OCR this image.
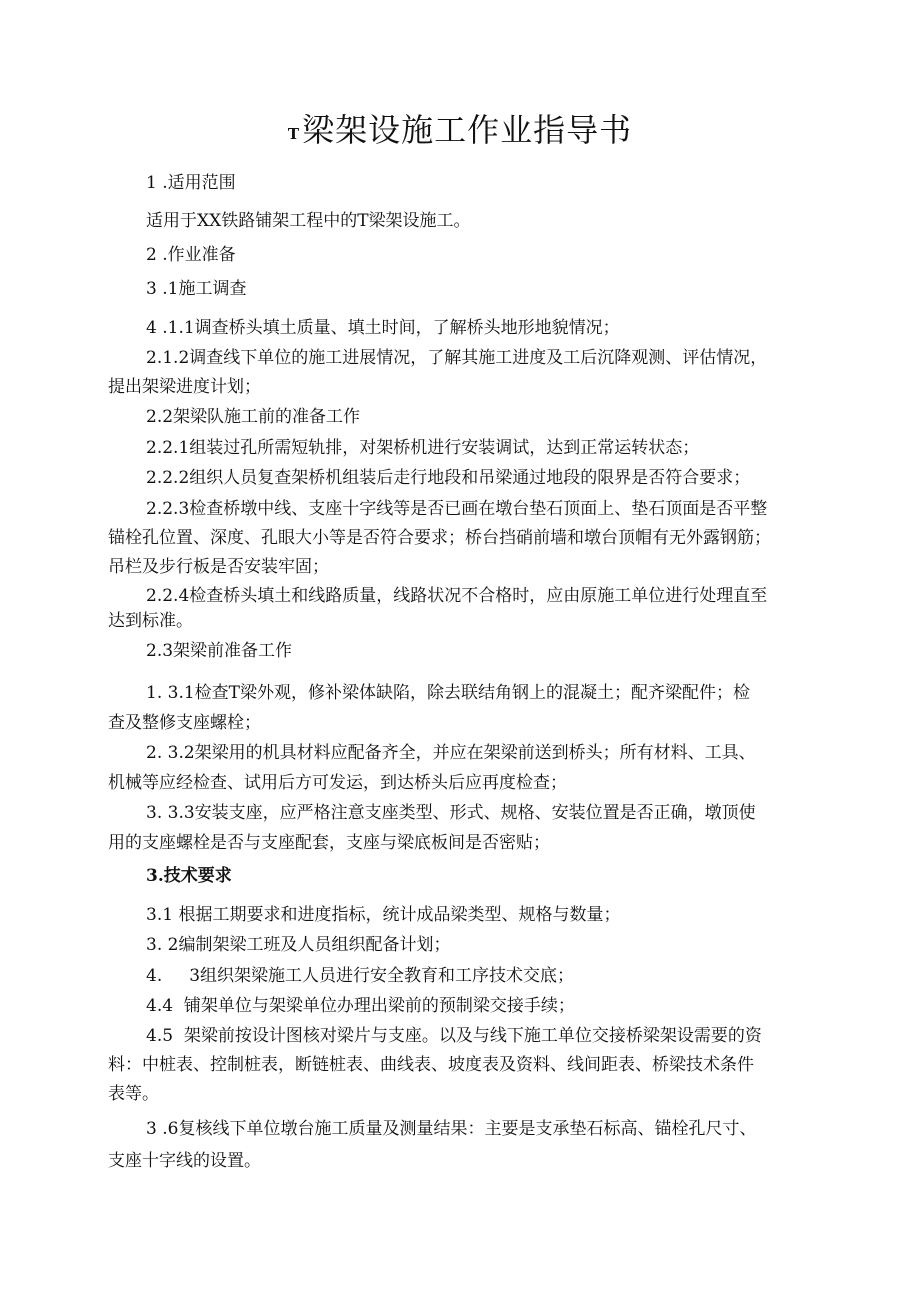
T梁架设施工作业指导书
1 .适用范围
适用于XX铁路铺架工程中的T梁架设施工。
2 .作业准备
3 .1施工调查
4 .1.1调查桥头填土质量、填土时间，了解桥头地形地貌情况；
2.1.2调查线下单位的施工进展情况，了解其施工进度及工后沉降观测、评估情况，
提出架梁进度计划；
2.2架梁队施工前的准备工作
2.2.1组装过孔所需短轨排，对架桥机进行安装调试，达到正常运转状态；
2.2.2组织人员复查架桥机组装后走行地段和吊梁通过地段的限界是否符合要求；
2.2.3检查桥墩中线、支座十字线等是否已画在墩台垫石顶面上、垫石顶面是否平整
锚栓孔位置、深度、孔眼大小等是否符合要求；桥台挡硝前墙和墩台顶帽有无外露钢筋；
吊栏及步行板是否安装牢固；
2.2.4检查桥头填土和线路质量，线路状况不合格时，应由原施工单位进行处理直至
达到标准。
2.3架梁前准备工作
1. 3.1检查T梁外观，修补梁体缺陷，除去联结角钢上的混凝土；配齐梁配件；检
查及整修支座螺栓；
2. 3.2架梁用的机具材料应配备齐全，并应在架梁前送到桥头；所有材料、工具、
机械等应经检查、试用后方可发运，到达桥头后应再度检查；
3. 3.3安装支座，应严格注意支座类型、形式、规格、安装位置是否正确，墩顶使
用的支座螺栓是否与支座配套，支座与梁底板间是否密贴；
3.技术要求
3.1 根据工期要求和进度指标，统计成品梁类型、规格与数量；
3. 2编制架梁工班及人员组织配备计划；
4.     3组织架梁施工人员进行安全教育和工序技术交底；
4.4  铺架单位与架梁单位办理出梁前的预制梁交接手续；
4.5  架梁前按设计图核对梁片与支座。以及与线下施工单位交接桥梁架设需要的资
料：中桩表、控制桩表，断链桩表、曲线表、坡度表及资料、线间距表、桥梁技术条件
表等。
3 .6复核线下单位墩台施工质量及测量结果：主要是支承垫石标高、锚栓孔尺寸、
支座十字线的设置。
